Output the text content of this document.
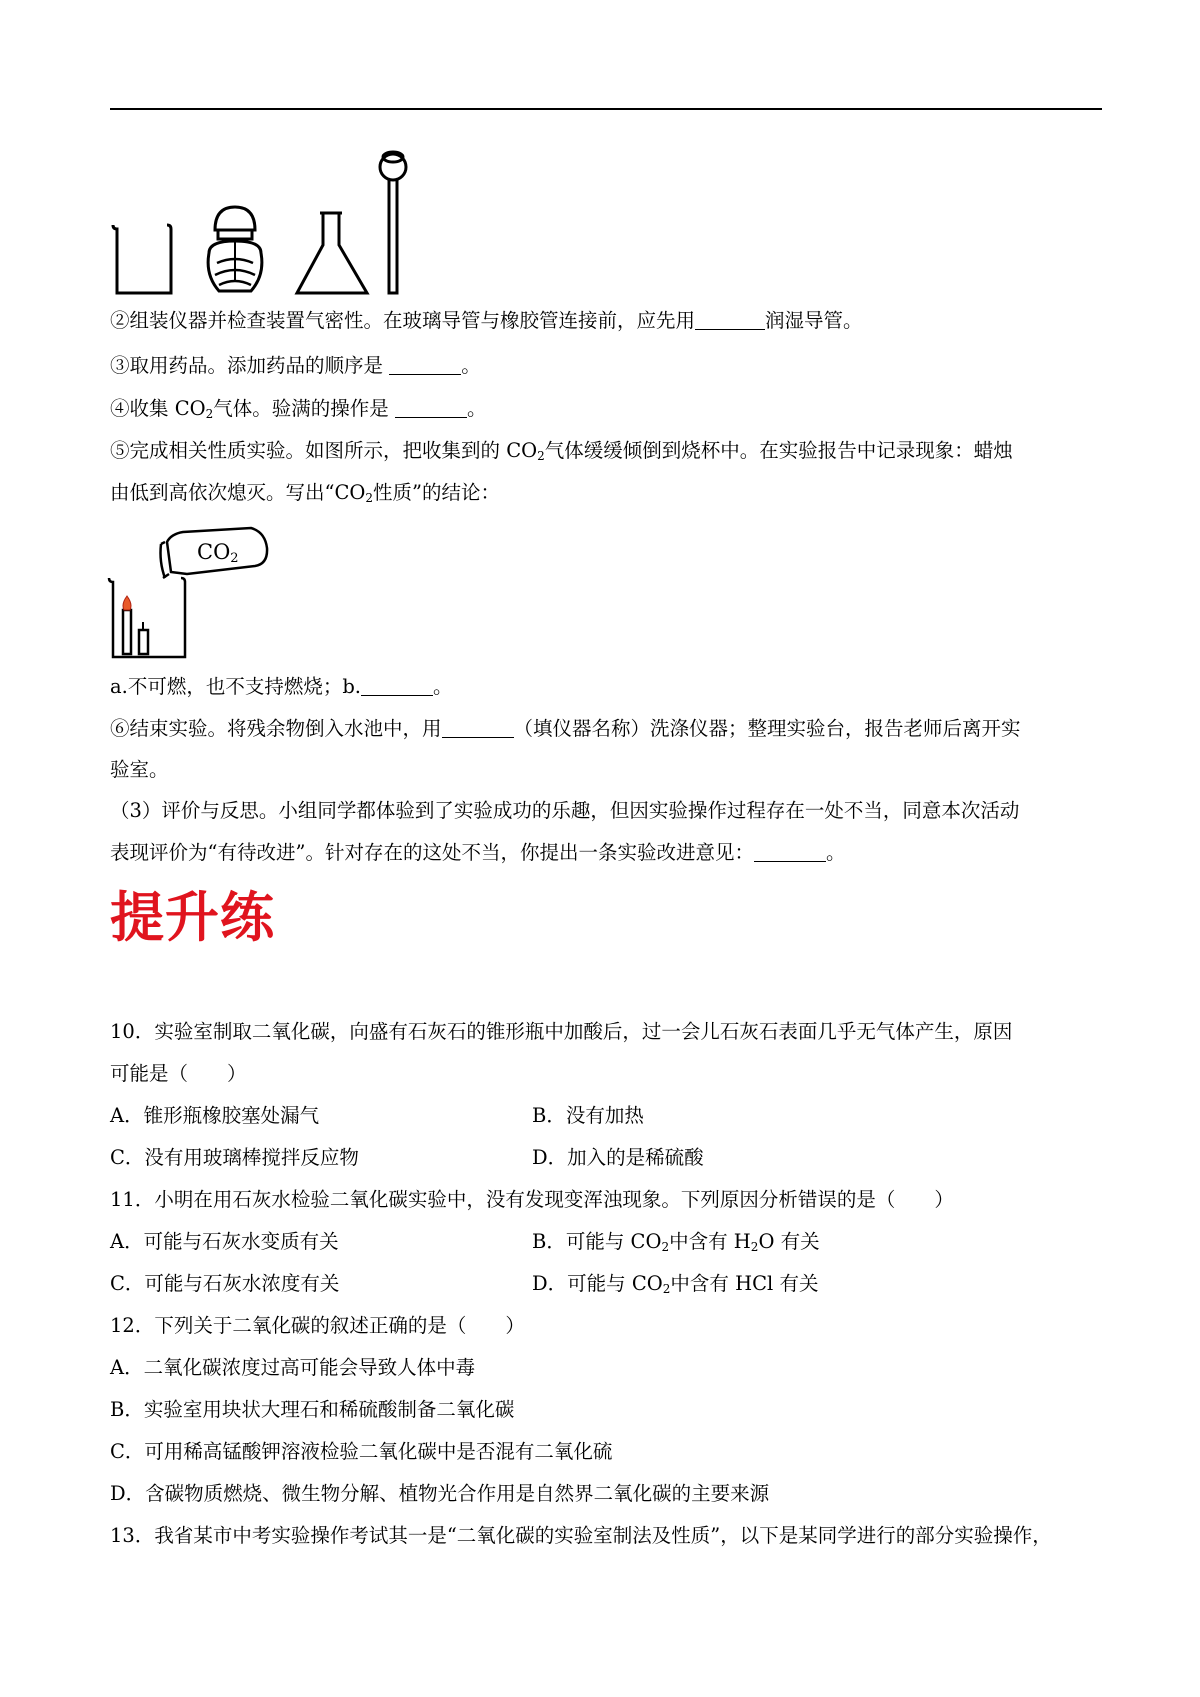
②组装仪器并检查装置气密性。在玻璃导管与橡胶管连接前，应先用	润湿导管。
③取用药品。添加药品的顺序是	。
④收集 $CO_2$气体。验满的操作是	。
⑤完成相关性质实验。如图所示，把收集到的 $CO_2$气体缓缓倾倒到烧杯中。在实验报告中记录现象：蜡烛
由低到高依次熄灭。写出“$CO_2$性质”的结论：
$CO_2$
a.不可燃，也不支持燃烧；b.	。
⑥结束实验。将残余物倒入水池中，用	（填仪器名称）洗涤仪器；整理实验台，报告老师后离开实
验室。
（3）评价与反思。小组同学都体验到了实验成功的乐趣，但因实验操作过程存在一处不当，同意本次活动
表现评价为“有待改进”。针对存在的这处不当，你提出一条实验改进意见：	。
提升练
10．实验室制取二氧化碳，向盛有石灰石的锥形瓶中加酸后，过一会儿石灰石表面几乎无气体产生，原因
可能是（　　）
A．锥形瓶橡胶塞处漏气	B．没有加热
C．没有用玻璃棒搅拌反应物	D．加入的是稀硫酸
11．小明在用石灰水检验二氧化碳实验中，没有发现变浑浊现象。下列原因分析错误的是（　　）
A．可能与石灰水变质有关	B．可能与 $CO_2$中含有 $H_2O$ 有关
C．可能与石灰水浓度有关	D．可能与 $CO_2$中含有 HCl 有关
12．下列关于二氧化碳的叙述正确的是（　　）
A．二氧化碳浓度过高可能会导致人体中毒
B．实验室用块状大理石和稀硫酸制备二氧化碳
C．可用稀高锰酸钾溶液检验二氧化碳中是否混有二氧化硫
D．含碳物质燃烧、微生物分解、植物光合作用是自然界二氧化碳的主要来源
13．我省某市中考实验操作考试其一是“二氧化碳的实验室制法及性质”，以下是某同学进行的部分实验操作，
